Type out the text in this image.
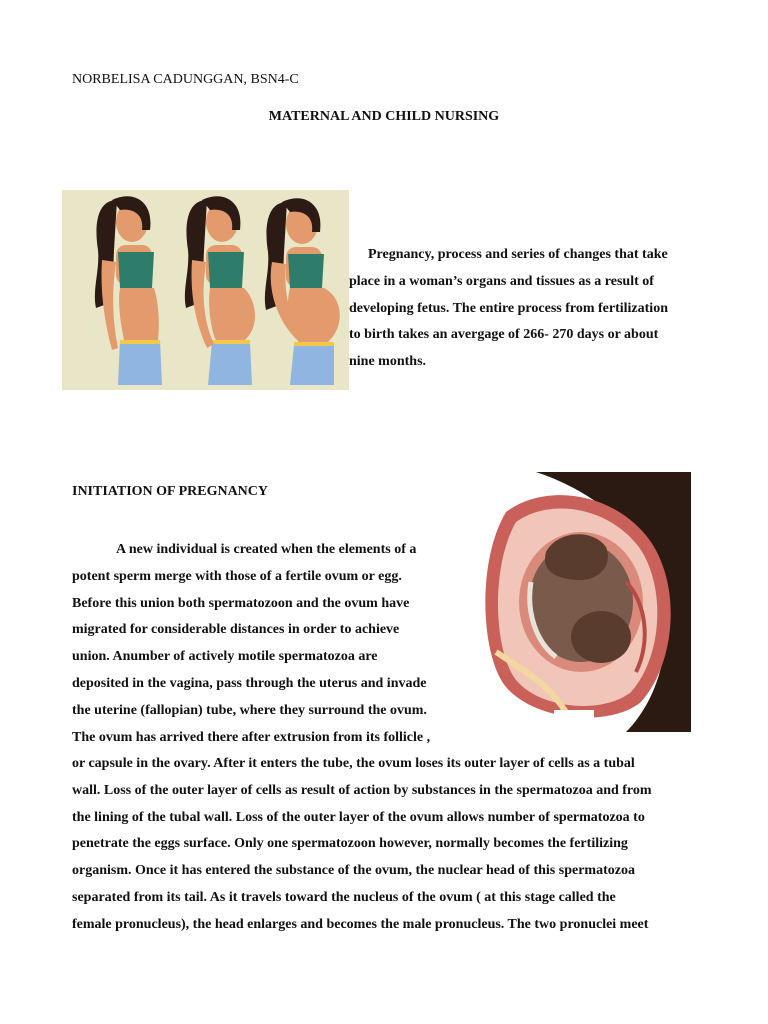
NORBELISA CADUNGGAN, BSN4-C
MATERNAL AND CHILD NURSING
Pregnancy, process and series of changes that take
place in a woman’s organs and tissues as a result of
developing fetus. The entire process from fertilization
to birth takes an avergage of 266- 270 days or about
nine months.
INITIATION OF PREGNANCY
A new individual is created when the elements of a
potent sperm merge with those of a fertile ovum or egg.
Before this union both spermatozoon and the ovum have
migrated for considerable distances in order to achieve
union. Anumber of actively motile spermatozoa are
deposited in the vagina, pass through the uterus and invade
the uterine (fallopian) tube, where they surround the ovum.
The ovum has arrived there after extrusion from its follicle ,
or capsule in the ovary. After it enters the tube, the ovum loses its outer layer of cells as a tubal
wall. Loss of the outer layer of cells as result of action by substances in the spermatozoa and from
the lining of the tubal wall. Loss of the outer layer of the ovum allows number of spermatozoa to
penetrate the eggs surface. Only one spermatozoon however, normally becomes the fertilizing
organism. Once it has entered the substance of the ovum, the nuclear head of this spermatozoa
separated from its tail. As it travels toward the nucleus of the ovum ( at this stage called the
female pronucleus), the head enlarges and becomes the male pronucleus. The two pronuclei meet
